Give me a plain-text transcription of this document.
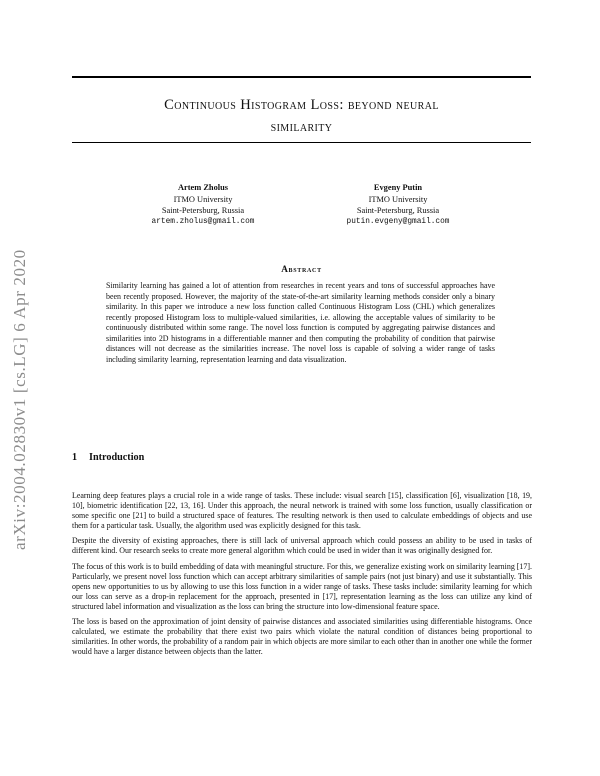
arXiv:2004.02830v1 [cs.LG] 6 Apr 2020
Continuous Histogram Loss: beyond neural
similarity
Artem Zholus
ITMO University
Saint-Petersburg, Russia
artem.zholus@gmail.com
Evgeny Putin
ITMO University
Saint-Petersburg, Russia
putin.evgeny@gmail.com
Abstract
Similarity learning has gained a lot of attention from researches in recent years and tons of successful approaches have been recently proposed. However, the majority of the state-of-the-art similarity learning methods consider only a binary similarity. In this paper we introduce a new loss function called Continuous Histogram Loss (CHL) which generalizes recently proposed Histogram loss to multiple-valued similarities, i.e. allowing the acceptable values of similarity to be continuously distributed within some range. The novel loss function is computed by aggregating pairwise distances and similarities into 2D histograms in a differentiable manner and then computing the probability of condition that pairwise distances will not decrease as the similarities increase. The novel loss is capable of solving a wider range of tasks including similarity learning, representation learning and data visualization.
1 Introduction

Learning deep features plays a crucial role in a wide range of tasks. These include: visual search [15], classification [6], visualization [18, 19, 10], biometric identification [22, 13, 16]. Under this approach, the neural network is trained with some loss function, usually classification or some specific one [21] to build a structured space of features. The resulting network is then used to calculate embeddings of objects and use them for a particular task. Usually, the algorithm used was explicitly designed for this task.

Despite the diversity of existing approaches, there is still lack of universal approach which could possess an ability to be used in tasks of different kind. Our research seeks to create more general algorithm which could be used in wider than it was originally designed for.

The focus of this work is to build embedding of data with meaningful structure. For this, we generalize existing work on similarity learning [17]. Particularly, we present novel loss function which can accept arbitrary similarities of sample pairs (not just binary) and use it substantially. This opens new opportunities to us by allowing to use this loss function in a wider range of tasks. These tasks include: similarity learning for which our loss can serve as a drop-in replacement for the approach, presented in [17], representation learning as the loss can utilize any kind of structured label information and visualization as the loss can bring the structure into low-dimensional feature space.

The loss is based on the approximation of joint density of pairwise distances and associated similarities using differentiable histograms. Once calculated, we estimate the probability that there exist two pairs which violate the natural condition of distances being proportional to similarities. In other words, the probability of a random pair in which objects are more similar to each other than in another one while the former would have a larger distance between objects than the latter.
